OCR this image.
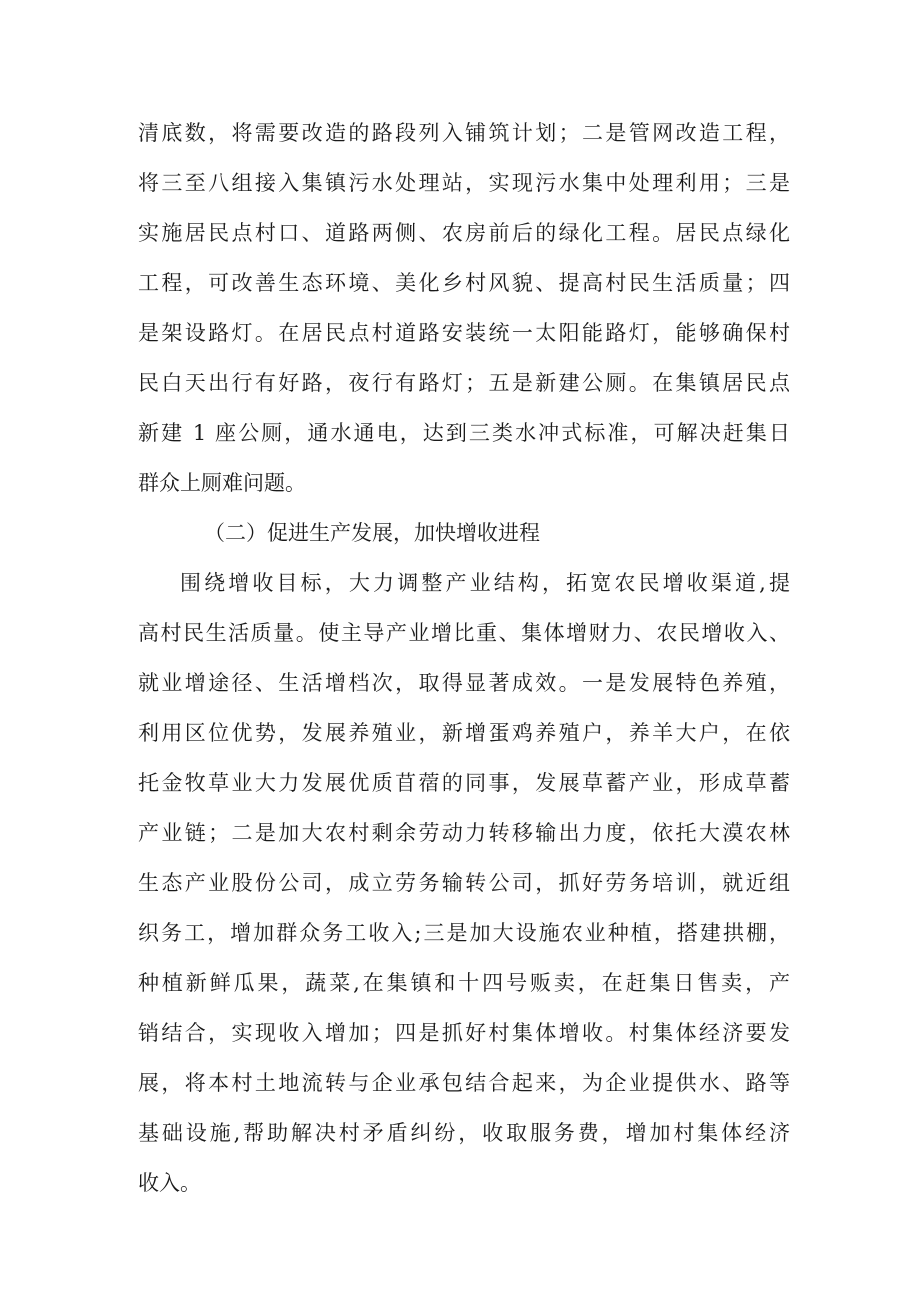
清底数，将需要改造的路段列入铺筑计划；二是管网改造工程，
将三至八组接入集镇污水处理站，实现污水集中处理利用；三是
实施居民点村口、道路两侧、农房前后的绿化工程。居民点绿化
工程，可改善生态环境、美化乡村风貌、提高村民生活质量；四
是架设路灯。在居民点村道路安装统一太阳能路灯，能够确保村
民白天出行有好路，夜行有路灯；五是新建公厕。在集镇居民点
新建 1 座公厕，通水通电，达到三类水冲式标准，可解决赶集日
群众上厕难问题。
（二）促进生产发展，加快增收进程
围绕增收目标，大力调整产业结构，拓宽农民增收渠道,提
高村民生活质量。使主导产业增比重、集体增财力、农民增收入、
就业增途径、生活增档次，取得显著成效。一是发展特色养殖，
利用区位优势，发展养殖业，新增蛋鸡养殖户，养羊大户，在依
托金牧草业大力发展优质苜蓿的同事，发展草蓄产业，形成草蓄
产业链；二是加大农村剩余劳动力转移输出力度，依托大漠农林
生态产业股份公司，成立劳务输转公司，抓好劳务培训，就近组
织务工，增加群众务工收入;三是加大设施农业种植，搭建拱棚，
种植新鲜瓜果，蔬菜,在集镇和十四号贩卖，在赶集日售卖，产
销结合，实现收入增加；四是抓好村集体增收。村集体经济要发
展，将本村土地流转与企业承包结合起来，为企业提供水、路等
基础设施,帮助解决村矛盾纠纷，收取服务费，增加村集体经济
收入。
